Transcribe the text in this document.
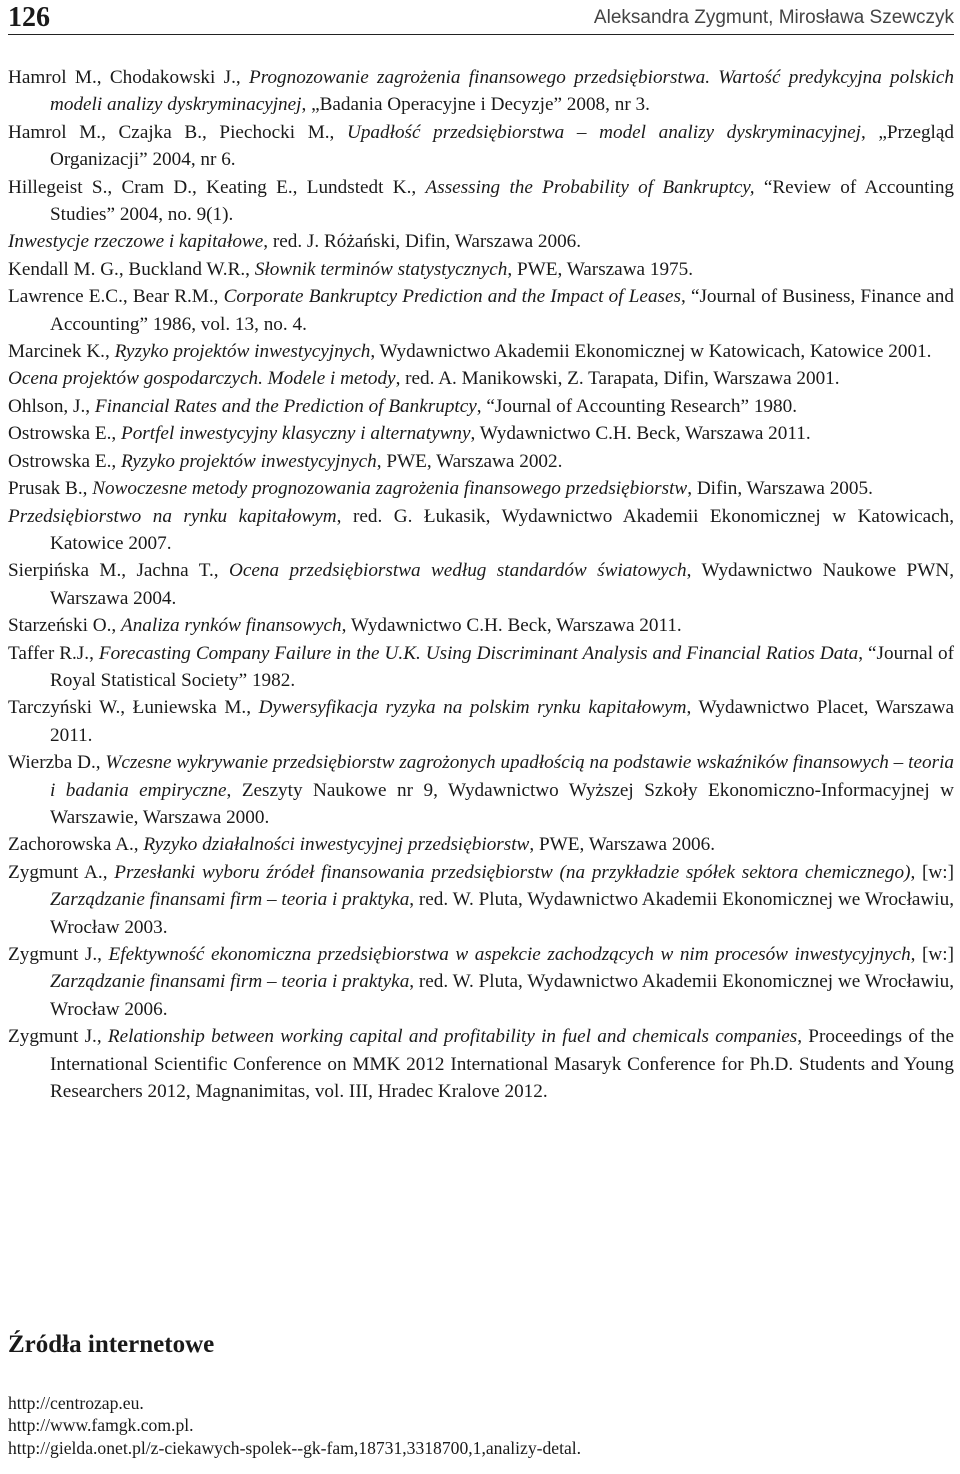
126	Aleksandra Zygmunt, Mirosława Szewczyk
Hamrol M., Chodakowski J., Prognozowanie zagrożenia finansowego przedsiębiorstwa. Wartość predykcyjna polskich modeli analizy dyskryminacyjnej, „Badania Operacyjne i Decyzje” 2008, nr 3.
Hamrol M., Czajka B., Piechocki M., Upadłość przedsiębiorstwa – model analizy dyskryminacyjnej, „Przegląd Organizacji” 2004, nr 6.
Hillegeist S., Cram D., Keating E., Lundstedt K., Assessing the Probability of Bankruptcy, “Review of Accounting Studies” 2004, no. 9(1).
Inwestycje rzeczowe i kapitałowe, red. J. Różański, Difin, Warszawa 2006.
Kendall M. G., Buckland W.R., Słownik terminów statystycznych, PWE, Warszawa 1975.
Lawrence E.C., Bear R.M., Corporate Bankruptcy Prediction and the Impact of Leases, “Journal of Business, Finance and Accounting” 1986, vol. 13, no. 4.
Marcinek K., Ryzyko projektów inwestycyjnych, Wydawnictwo Akademii Ekonomicznej w Katowicach, Katowice 2001.
Ocena projektów gospodarczych. Modele i metody, red. A. Manikowski, Z. Tarapata, Difin, Warszawa 2001.
Ohlson, J., Financial Rates and the Prediction of Bankruptcy, “Journal of Accounting Research” 1980.
Ostrowska E., Portfel inwestycyjny klasyczny i alternatywny, Wydawnictwo C.H. Beck, Warszawa 2011.
Ostrowska E., Ryzyko projektów inwestycyjnych, PWE, Warszawa 2002.
Prusak B., Nowoczesne metody prognozowania zagrożenia finansowego przedsiębiorstw, Difin, Warszawa 2005.
Przedsiębiorstwo na rynku kapitałowym, red. G. Łukasik, Wydawnictwo Akademii Ekonomicznej w Katowicach, Katowice 2007.
Sierpińska M., Jachna T., Ocena przedsiębiorstwa według standardów światowych, Wydawnictwo Naukowe PWN, Warszawa 2004.
Starzeński O., Analiza rynków finansowych, Wydawnictwo C.H. Beck, Warszawa 2011.
Taffer R.J., Forecasting Company Failure in the U.K. Using Discriminant Analysis and Financial Ratios Data, “Journal of Royal Statistical Society” 1982.
Tarczyński W., Łuniewska M., Dywersyfikacja ryzyka na polskim rynku kapitałowym, Wydawnictwo Placet, Warszawa 2011.
Wierzba D., Wczesne wykrywanie przedsiębiorstw zagrożonych upadłością na podstawie wskaźników finansowych – teoria i badania empiryczne, Zeszyty Naukowe nr 9, Wydawnictwo Wyższej Szkoły Ekonomiczno-Informacyjnej w Warszawie, Warszawa 2000.
Zachorowska A., Ryzyko działalności inwestycyjnej przedsiębiorstw, PWE, Warszawa 2006.
Zygmunt A., Przesłanki wyboru źródeł finansowania przedsiębiorstw (na przykładzie spółek sektora chemicznego), [w:] Zarządzanie finansami firm – teoria i praktyka, red. W. Pluta, Wydawnictwo Akademii Ekonomicznej we Wrocławiu, Wrocław 2003.
Zygmunt J., Efektywność ekonomiczna przedsiębiorstwa w aspekcie zachodzących w nim procesów inwestycyjnych, [w:] Zarządzanie finansami firm – teoria i praktyka, red. W. Pluta, Wydawnictwo Akademii Ekonomicznej we Wrocławiu, Wrocław 2006.
Zygmunt J., Relationship between working capital and profitability in fuel and chemicals companies, Proceedings of the International Scientific Conference on MMK 2012 International Masaryk Conference for Ph.D. Students and Young Researchers 2012, Magnanimitas, vol. III, Hradec Kralove 2012.
Źródła internetowe
http://centrozap.eu.
http://www.famgk.com.pl.
http://gielda.onet.pl/z-ciekawych-spolek--gk-fam,18731,3318700,1,analizy-detal.
